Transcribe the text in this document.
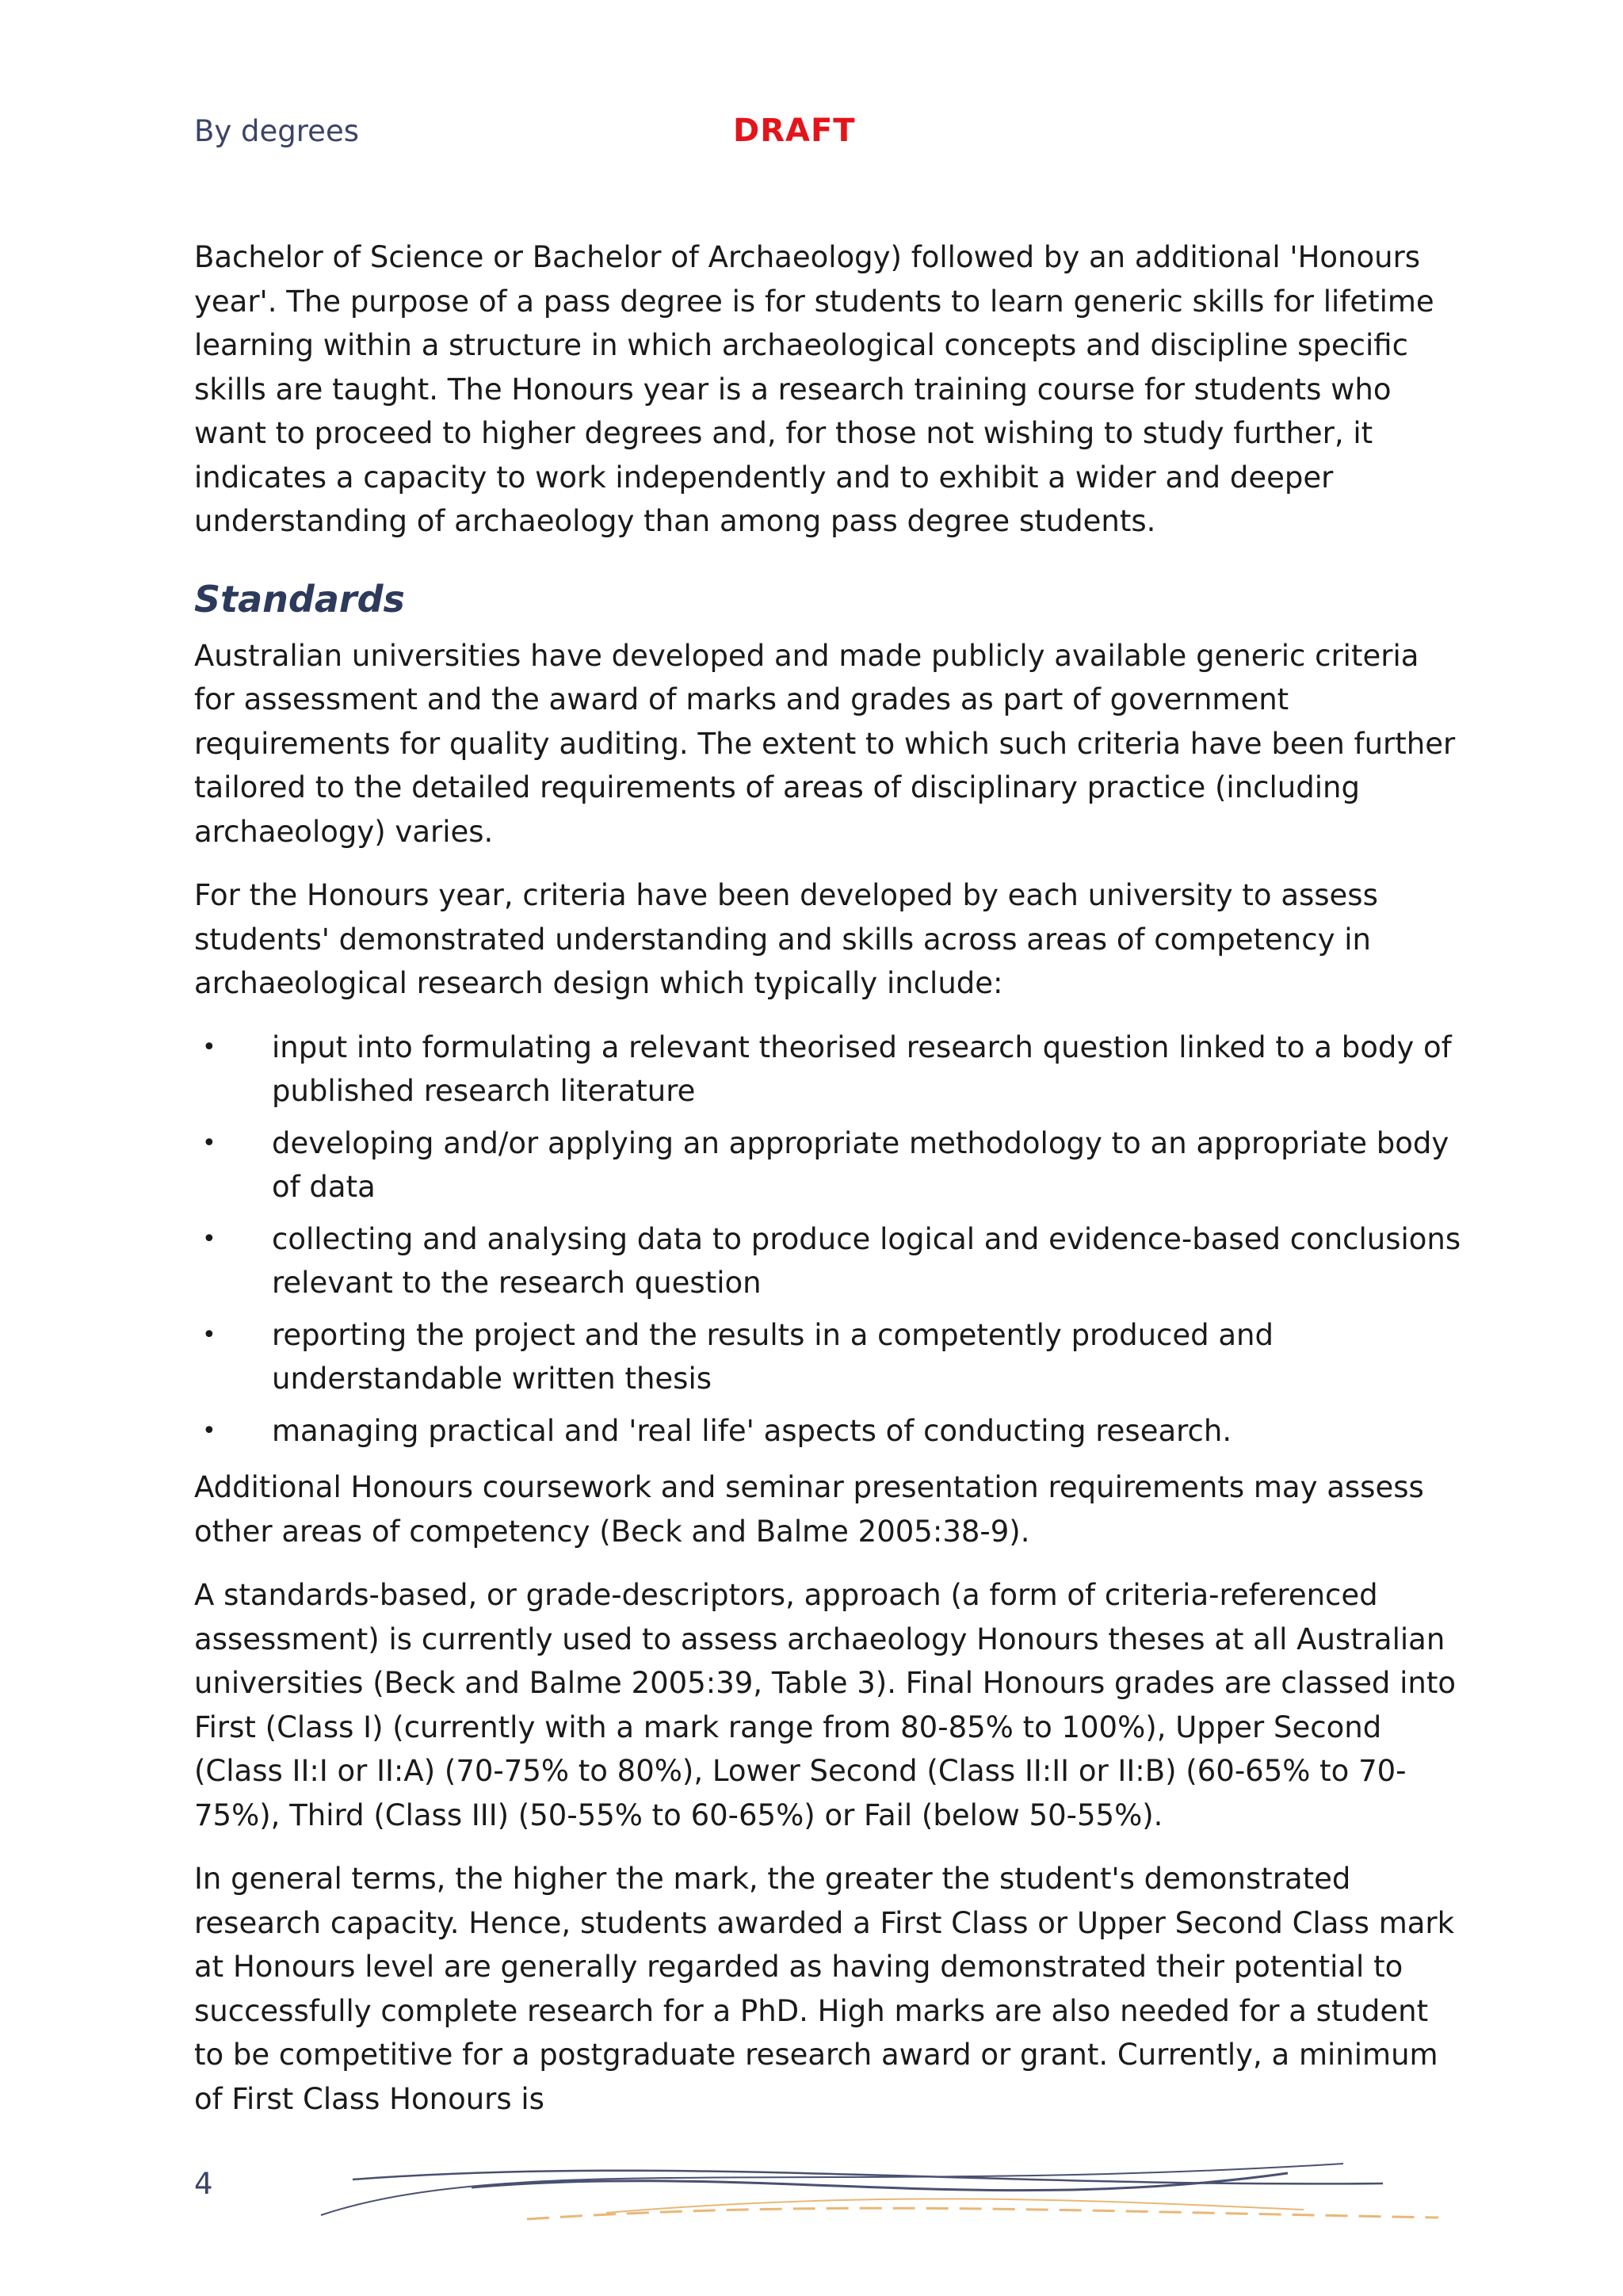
By degrees	DRAFT

Bachelor of Science or Bachelor of Archaeology) followed by an additional 'Honours year'. The purpose of a pass degree is for students to learn generic skills for lifetime learning within a structure in which archaeological concepts and discipline specific skills are taught. The Honours year is a research training course for students who want to proceed to higher degrees and, for those not wishing to study further, it indicates a capacity to work independently and to exhibit a wider and deeper understanding of archaeology than among pass degree students.

Standards

Australian universities have developed and made publicly available generic criteria for assessment and the award of marks and grades as part of government requirements for quality auditing. The extent to which such criteria have been further tailored to the detailed requirements of areas of disciplinary practice (including archaeology) varies.

For the Honours year, criteria have been developed by each university to assess students' demonstrated understanding and skills across areas of competency in archaeological research design which typically include:

• input into formulating a relevant theorised research question linked to a body of published research literature
• developing and/or applying an appropriate methodology to an appropriate body of data
• collecting and analysing data to produce logical and evidence-based conclusions relevant to the research question
• reporting the project and the results in a competently produced and understandable written thesis
• managing practical and 'real life' aspects of conducting research.

Additional Honours coursework and seminar presentation requirements may assess other areas of competency (Beck and Balme 2005:38-9).

A standards-based, or grade-descriptors, approach (a form of criteria-referenced assessment) is currently used to assess archaeology Honours theses at all Australian universities (Beck and Balme 2005:39, Table 3). Final Honours grades are classed into First (Class I) (currently with a mark range from 80-85% to 100%), Upper Second (Class II:I or II:A) (70-75% to 80%), Lower Second (Class II:II or II:B) (60-65% to 70-75%), Third (Class III) (50-55% to 60-65%) or Fail (below 50-55%).

In general terms, the higher the mark, the greater the student's demonstrated research capacity. Hence, students awarded a First Class or Upper Second Class mark at Honours level are generally regarded as having demonstrated their potential to successfully complete research for a PhD. High marks are also needed for a student to be competitive for a postgraduate research award or grant. Currently, a minimum of First Class Honours is

4
